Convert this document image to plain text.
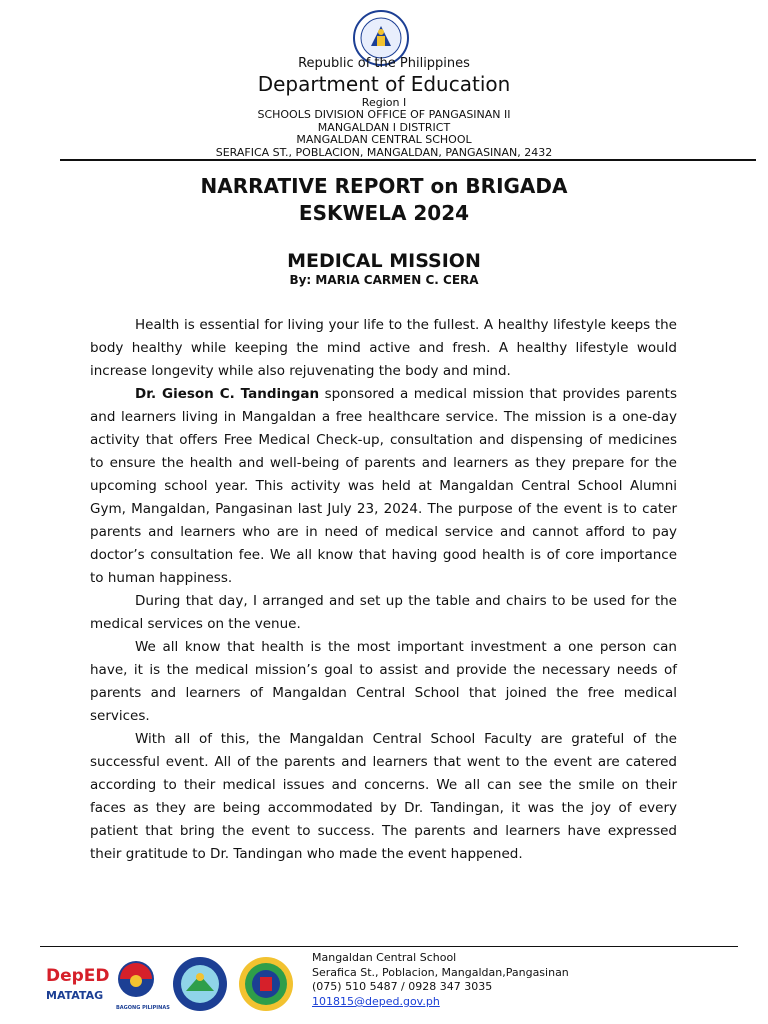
Republic of the Philippines
Department of Education
Region I
SCHOOLS DIVISION OFFICE OF PANGASINAN II
MANGALDAN I DISTRICT
MANGALDAN CENTRAL SCHOOL
SERAFICA ST., POBLACION, MANGALDAN, PANGASINAN, 2432
NARRATIVE REPORT on BRIGADA
ESKWELA 2024
MEDICAL MISSION
By: MARIA CARMEN C. CERA

Health is essential for living your life to the fullest. A healthy lifestyle keeps the body healthy while keeping the mind active and fresh. A healthy lifestyle would increase longevity while also rejuvenating the body and mind.

Dr. Gieson C. Tandingan sponsored a medical mission that provides parents and learners living in Mangaldan a free healthcare service. The mission is a one-day activity that offers Free Medical Check-up, consultation and dispensing of medicines to ensure the health and well-being of parents and learners as they prepare for the upcoming school year. This activity was held at Mangaldan Central School Alumni Gym, Mangaldan, Pangasinan last July 23, 2024. The purpose of the event is to cater parents and learners who are in need of medical service and cannot afford to pay doctor’s consultation fee. We all know that having good health is of core importance to human happiness.

During that day, I arranged and set up the table and chairs to be used for the medical services on the venue.

We all know that health is the most important investment a one person can have, it is the medical mission’s goal to assist and provide the necessary needs of parents and learners of Mangaldan Central School that joined the free medical services.

With all of this, the Mangaldan Central School Faculty are grateful of the successful event. All of the parents and learners that went to the event are catered according to their medical issues and concerns. We all can see the smile on their faces as they are being accommodated by Dr. Tandingan, it was the joy of every patient that bring the event to success. The parents and learners have expressed their gratitude to Dr. Tandingan who made the event happened.

DepED
MATATAG
BAGONG PILIPINAS
Mangaldan Central School
Serafica St., Poblacion, Mangaldan,Pangasinan
(075) 510 5487 / 0928 347 3035
101815@deped.gov.ph
